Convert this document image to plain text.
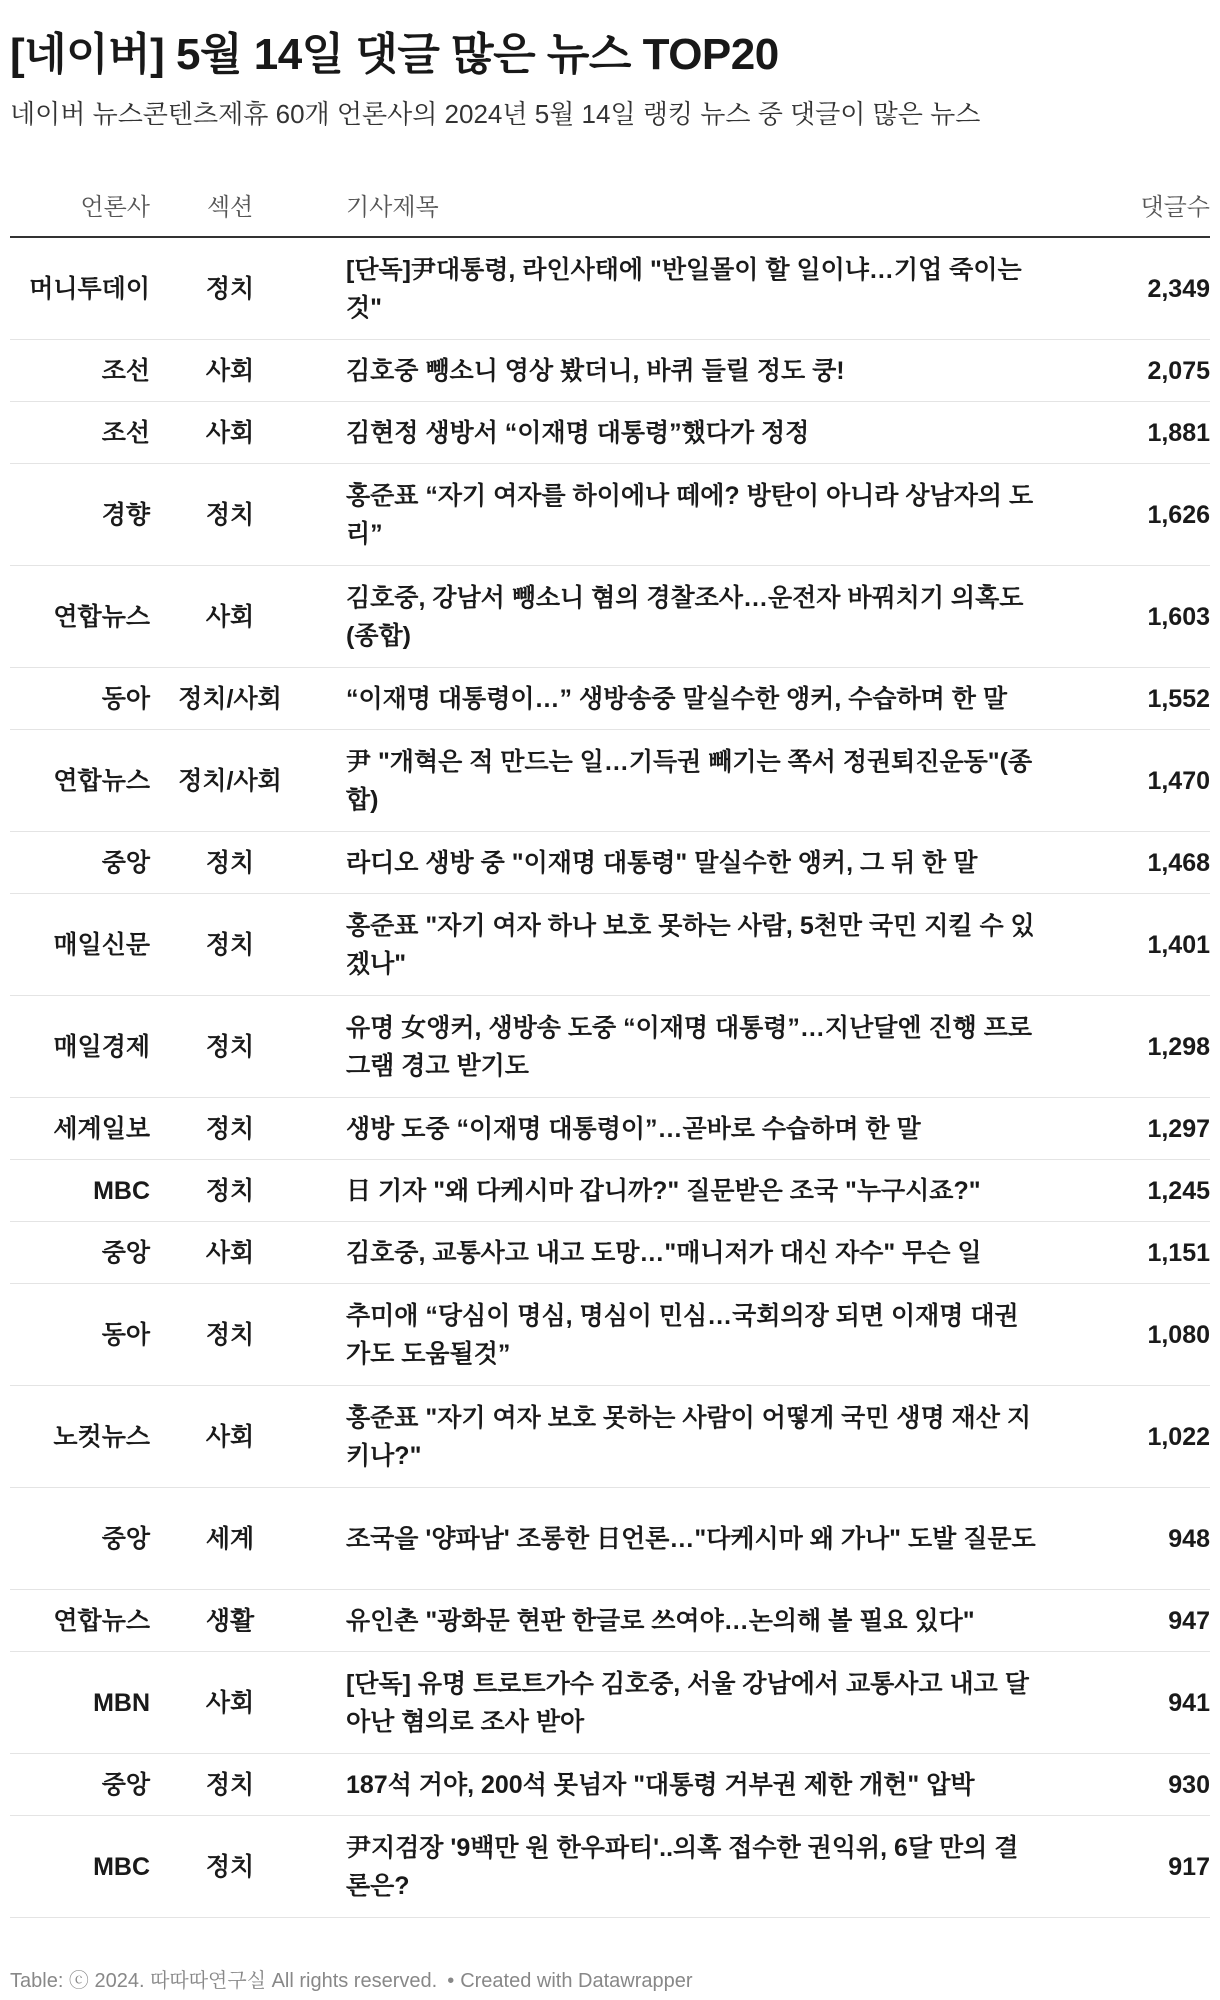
[네이버] 5월 14일 댓글 많은 뉴스 TOP20
네이버 뉴스콘텐츠제휴 60개 언론사의 2024년 5월 14일 랭킹 뉴스 중 댓글이 많은 뉴스
언론사	섹션	기사제목	댓글수
머니투데이	정치	[단독]尹대통령, 라인사태에 "반일몰이 할 일이냐…기업 죽이는 것"	2,349
조선	사회	김호중 뺑소니 영상 봤더니, 바퀴 들릴 정도 쿵!	2,075
조선	사회	김현정 생방서 “이재명 대통령”했다가 정정	1,881
경향	정치	홍준표 “자기 여자를 하이에나 떼에? 방탄이 아니라 상남자의 도리”	1,626
연합뉴스	사회	김호중, 강남서 뺑소니 혐의 경찰조사…운전자 바꿔치기 의혹도(종합)	1,603
동아	정치/사회	“이재명 대통령이…” 생방송중 말실수한 앵커, 수습하며 한 말	1,552
연합뉴스	정치/사회	尹 "개혁은 적 만드는 일…기득권 빼기는 쪽서 정권퇴진운동"(종합)	1,470
중앙	정치	라디오 생방 중 "이재명 대통령" 말실수한 앵커, 그 뒤 한 말	1,468
매일신문	정치	홍준표 "자기 여자 하나 보호 못하는 사람, 5천만 국민 지킬 수 있겠나"	1,401
매일경제	정치	유명 女앵커, 생방송 도중 “이재명 대통령”…지난달엔 진행 프로그램 경고 받기도	1,298
세계일보	정치	생방 도중 “이재명 대통령이”…곧바로 수습하며 한 말	1,297
MBC	정치	日 기자 "왜 다케시마 갑니까?" 질문받은 조국 "누구시죠?"	1,245
중앙	사회	김호중, 교통사고 내고 도망…"매니저가 대신 자수" 무슨 일	1,151
동아	정치	추미애 “당심이 명심, 명심이 민심…국회의장 되면 이재명 대권가도 도움될것”	1,080
노컷뉴스	사회	홍준표 "자기 여자 보호 못하는 사람이 어떻게 국민 생명 재산 지키나?"	1,022
중앙	세계	조국을 '양파남' 조롱한 日언론…"다케시마 왜 가나" 도발 질문도	948
연합뉴스	생활	유인촌 "광화문 현판 한글로 쓰여야…논의해 볼 필요 있다"	947
MBN	사회	[단독] 유명 트로트가수 김호중, 서울 강남에서 교통사고 내고 달아난 혐의로 조사 받아	941
중앙	정치	187석 거야, 200석 못넘자 "대통령 거부권 제한 개헌" 압박	930
MBC	정치	尹지검장 '9백만 원 한우파티'..의혹 접수한 권익위, 6달 만의 결론은?	917
Table: ⓒ 2024. 따따따연구실 All rights reserved. • Created with Datawrapper
